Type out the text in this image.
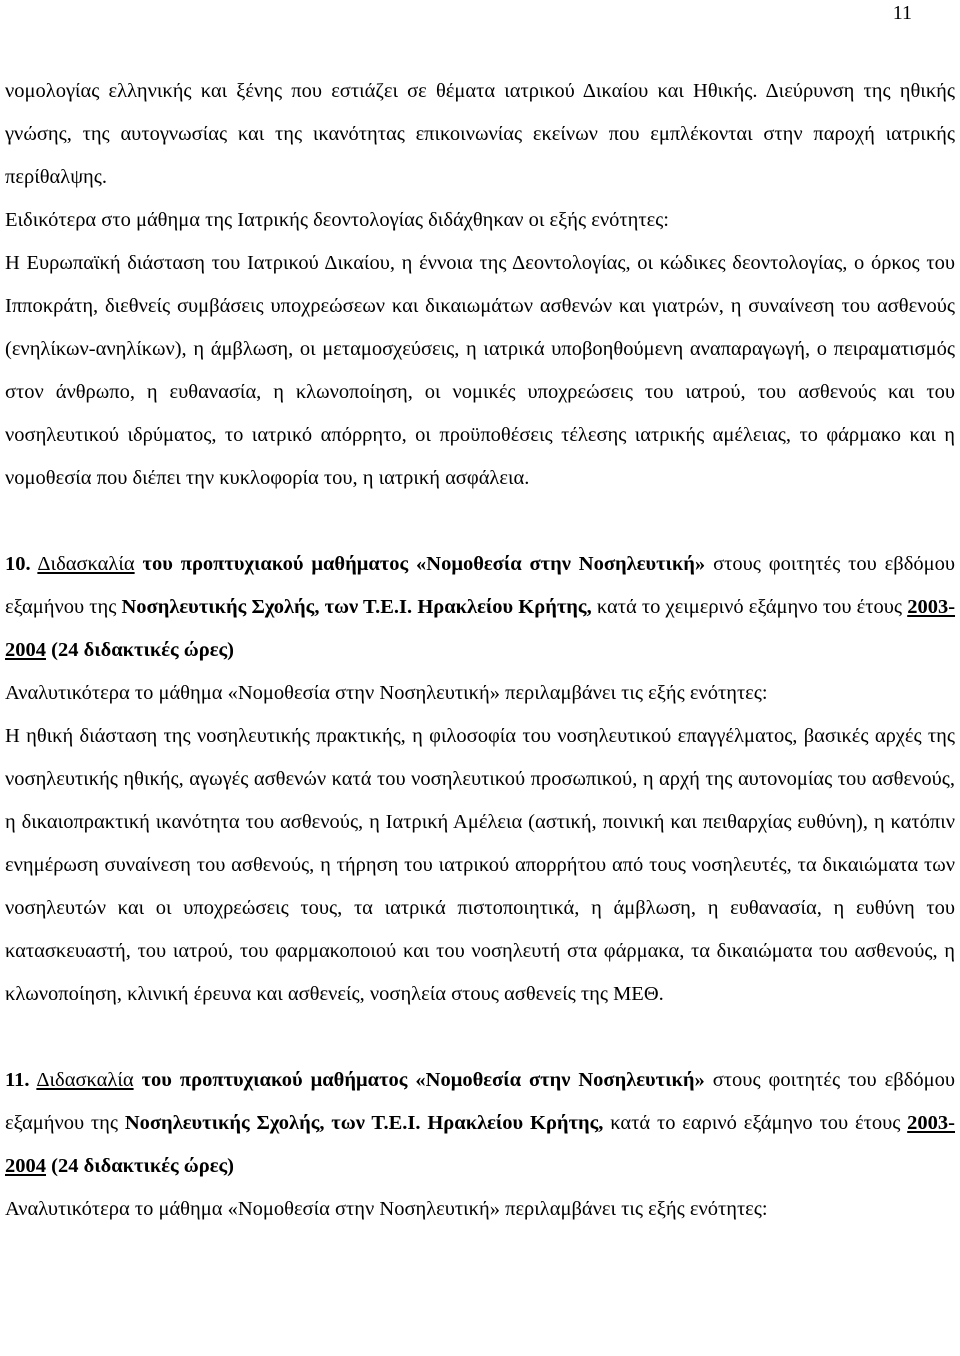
11

νομολογίας ελληνικής και ξένης που εστιάζει σε θέματα ιατρικού Δικαίου και Ηθικής. Διεύρυνση της ηθικής γνώσης, της αυτογνωσίας και της ικανότητας επικοινωνίας εκείνων που εμπλέκονται στην παροχή ιατρικής περίθαλψης.

Ειδικότερα στο μάθημα της Ιατρικής δεοντολογίας διδάχθηκαν οι εξής ενότητες:

Η Ευρωπαϊκή διάσταση του Ιατρικού Δικαίου, η έννοια της Δεοντολογίας, οι κώδικες δεοντολογίας, ο όρκος του Ιπποκράτη, διεθνείς συμβάσεις υποχρεώσεων και δικαιωμάτων ασθενών και γιατρών, η συναίνεση του ασθενούς (ενηλίκων-ανηλίκων), η άμβλωση, οι μεταμοσχεύσεις, η ιατρικά υποβοηθούμενη αναπαραγωγή, ο πειραματισμός στον άνθρωπο, η ευθανασία, η κλωνοποίηση, οι νομικές υποχρεώσεις του ιατρού, του ασθενούς και του νοσηλευτικού ιδρύματος, το ιατρικό απόρρητο, οι προϋποθέσεις τέλεσης ιατρικής αμέλειας, το φάρμακο και η νομοθεσία που διέπει την κυκλοφορία του, η ιατρική ασφάλεια.

10. Διδασκαλία του προπτυχιακού μαθήματος «Νομοθεσία στην Νοσηλευτική» στους φοιτητές του εβδόμου εξαμήνου της Νοσηλευτικής Σχολής, των Τ.Ε.Ι. Ηρακλείου Κρήτης, κατά το χειμερινό εξάμηνο του έτους 2003-2004 (24 διδακτικές ώρες)

Αναλυτικότερα το μάθημα «Νομοθεσία στην Νοσηλευτική» περιλαμβάνει τις εξής ενότητες:

Η ηθική διάσταση της νοσηλευτικής πρακτικής, η φιλοσοφία του νοσηλευτικού επαγγέλματος, βασικές αρχές της νοσηλευτικής ηθικής, αγωγές ασθενών κατά του νοσηλευτικού προσωπικού, η αρχή της αυτονομίας του ασθενούς, η δικαιοπρακτική ικανότητα του ασθενούς, η Ιατρική Αμέλεια (αστική, ποινική και πειθαρχίας ευθύνη), η κατόπιν ενημέρωση συναίνεση του ασθενούς, η τήρηση του ιατρικού απορρήτου από τους νοσηλευτές, τα δικαιώματα των νοσηλευτών και οι υποχρεώσεις τους, τα ιατρικά πιστοποιητικά, η άμβλωση, η ευθανασία, η ευθύνη του κατασκευαστή, του ιατρού, του φαρμακοποιού και του νοσηλευτή στα φάρμακα, τα δικαιώματα του ασθενούς, η κλωνοποίηση, κλινική έρευνα και ασθενείς, νοσηλεία στους ασθενείς της ΜΕΘ.

11. Διδασκαλία του προπτυχιακού μαθήματος «Νομοθεσία στην Νοσηλευτική» στους φοιτητές του εβδόμου εξαμήνου της Νοσηλευτικής Σχολής, των Τ.Ε.Ι. Ηρακλείου Κρήτης, κατά το εαρινό εξάμηνο του έτους 2003-2004 (24 διδακτικές ώρες)

Αναλυτικότερα το μάθημα «Νομοθεσία στην Νοσηλευτική» περιλαμβάνει τις εξής ενότητες:
